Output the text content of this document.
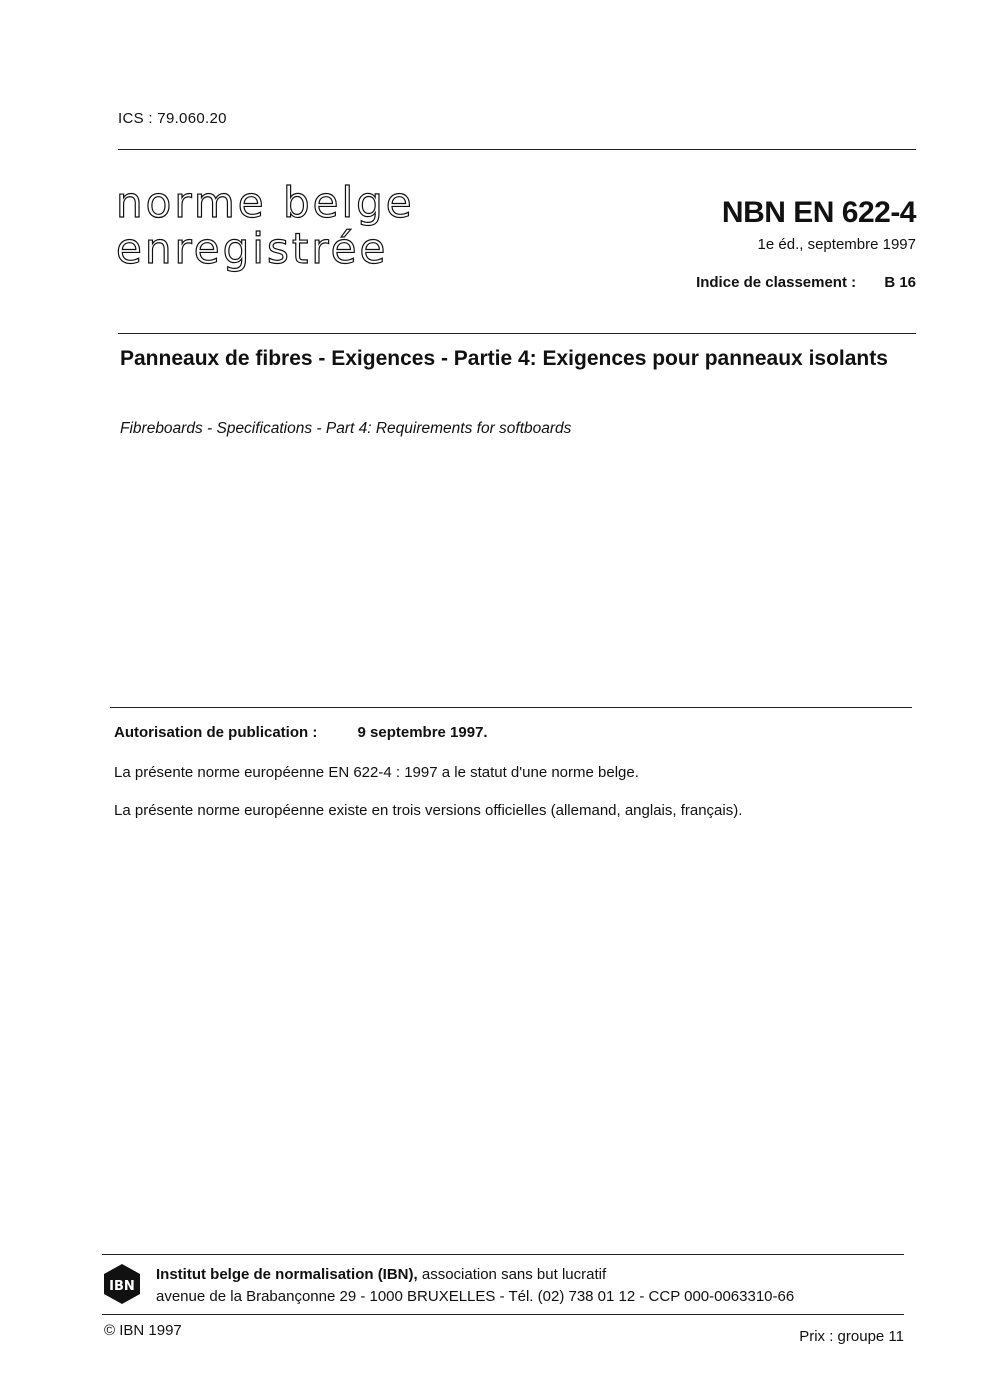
ICS : 79.060.20
norme belge
enregistrée
NBN EN 622-4
1e éd., septembre 1997
Indice de classement : B 16
Panneaux de fibres - Exigences - Partie 4: Exigences pour panneaux isolants
Fibreboards - Specifications - Part 4: Requirements for softboards
Autorisation de publication :	9 septembre 1997.
La présente norme européenne EN 622-4 : 1997 a le statut d'une norme belge.
La présente norme européenne existe en trois versions officielles (allemand, anglais, français).
IBN
Institut belge de normalisation (IBN), association sans but lucratif
avenue de la Brabançonne 29 - 1000 BRUXELLES - Tél. (02) 738 01 12 - CCP 000-0063310-66
© IBN 1997	Prix : groupe 11
